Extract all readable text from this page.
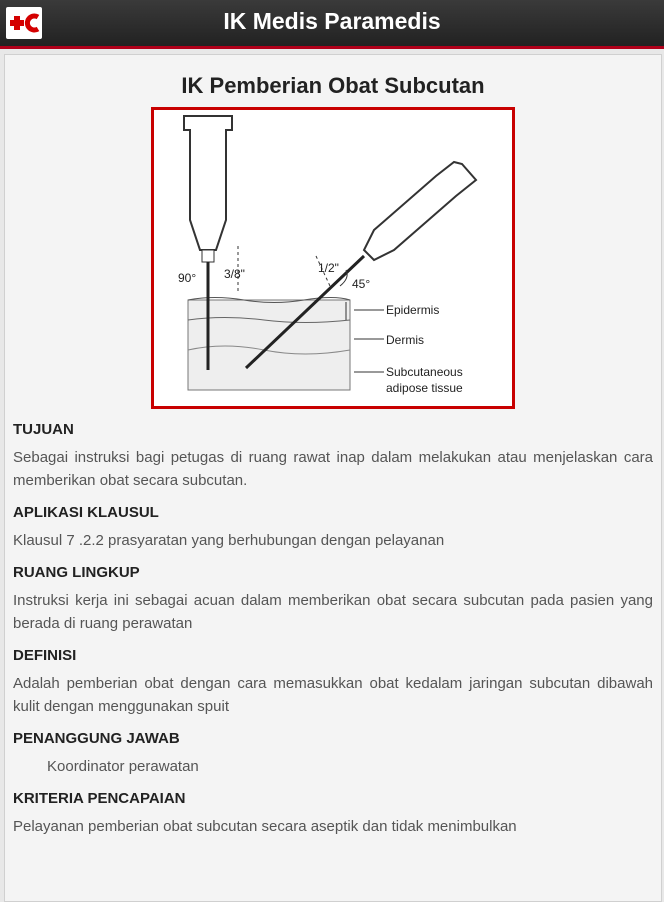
IK Medis Paramedis
IK Pemberian Obat Subcutan
90° 3/8"	1/2"
45°
Epidermis
Dermis
Subcutaneous
adipose tissue
TUJUAN
Sebagai instruksi bagi petugas di ruang rawat inap dalam melakukan atau menjelaskan cara memberikan obat secara subcutan.
APLIKASI KLAUSUL
Klausul 7 .2.2 prasyaratan yang berhubungan dengan pelayanan
RUANG LINGKUP
Instruksi kerja ini sebagai acuan dalam memberikan obat secara subcutan pada pasien yang berada di ruang perawatan
DEFINISI
Adalah pemberian obat dengan cara memasukkan obat kedalam jaringan subcutan dibawah kulit dengan menggunakan spuit
PENANGGUNG JAWAB
Koordinator perawatan
KRITERIA PENCAPAIAN
Pelayanan pemberian obat subcutan secara aseptik dan tidak menimbulkan
